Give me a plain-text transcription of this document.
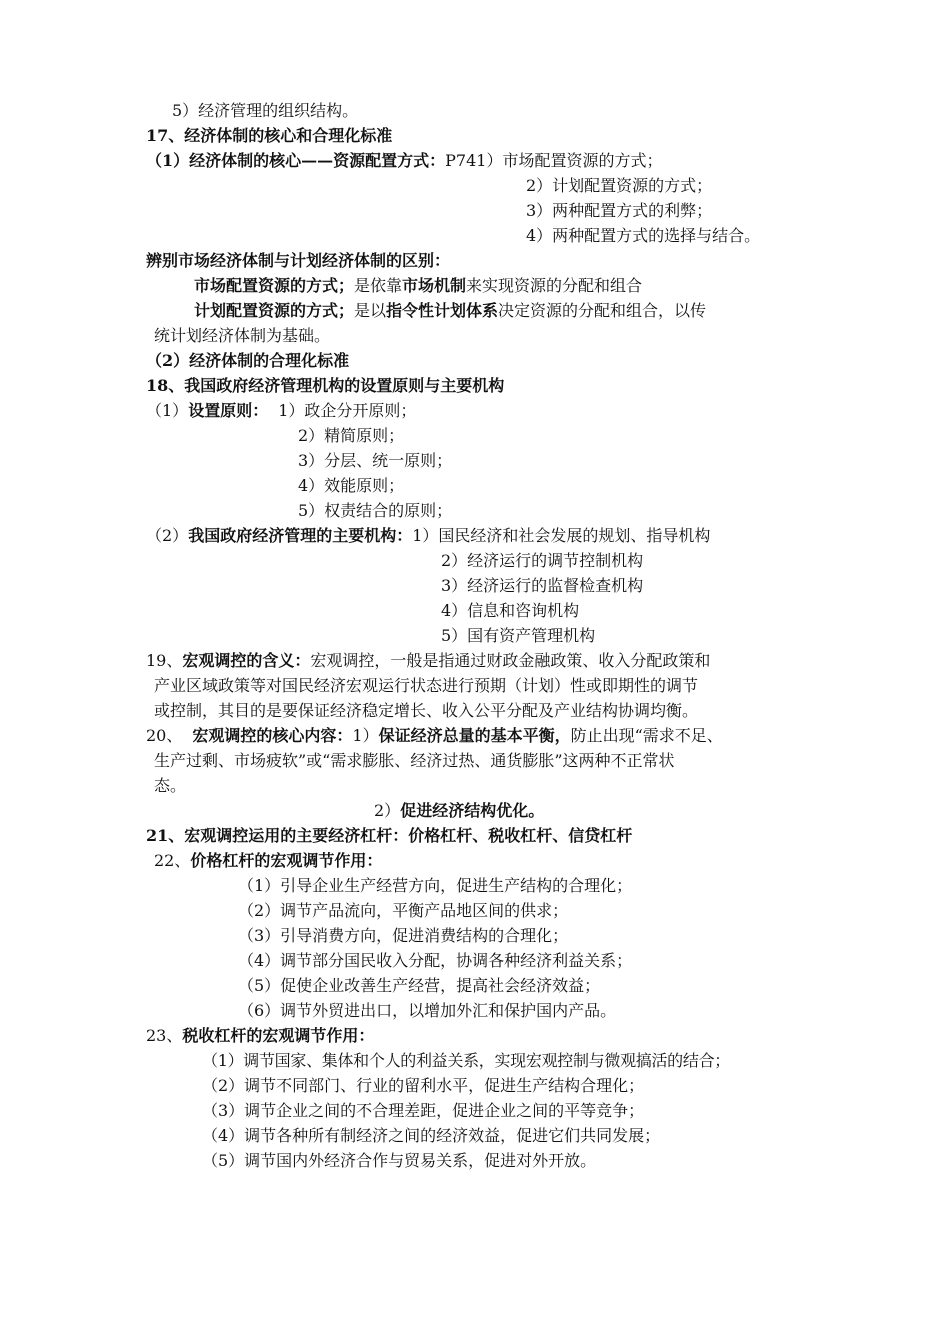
5）经济管理的组织结构。
17、经济体制的核心和合理化标准
（1）经济体制的核心——资源配置方式：P741）市场配置资源的方式；
2）计划配置资源的方式；
3）两种配置方式的利弊；
4）两种配置方式的选择与结合。
辨别市场经济体制与计划经济体制的区别：
市场配置资源的方式；是依靠市场机制来实现资源的分配和组合
计划配置资源的方式；是以指令性计划体系决定资源的分配和组合，以传
统计划经济体制为基础。
（2）经济体制的合理化标准
18、我国政府经济管理机构的设置原则与主要机构
（1）设置原则： 1）政企分开原则；
2）精简原则；
3）分层、统一原则；
4）效能原则；
5）权责结合的原则；
（2）我国政府经济管理的主要机构：1）国民经济和社会发展的规划、指导机构
2）经济运行的调节控制机构
3）经济运行的监督检查机构
4）信息和咨询机构
5）国有资产管理机构
19、宏观调控的含义：宏观调控，一般是指通过财政金融政策、收入分配政策和
产业区域政策等对国民经济宏观运行状态进行预期（计划）性或即期性的调节
或控制，其目的是要保证经济稳定增长、收入公平分配及产业结构协调均衡。
20、 宏观调控的核心内容：1）保证经济总量的基本平衡，防止出现“需求不足、
生产过剩、市场疲软”或“需求膨胀、经济过热、通货膨胀”这两种不正常状
态。
2）促进经济结构优化。
21、宏观调控运用的主要经济杠杆：价格杠杆、税收杠杆、信贷杠杆
22、价格杠杆的宏观调节作用：
（1）引导企业生产经营方向，促进生产结构的合理化；
（2）调节产品流向，平衡产品地区间的供求；
（3）引导消费方向，促进消费结构的合理化；
（4）调节部分国民收入分配，协调各种经济利益关系；
（5）促使企业改善生产经营，提高社会经济效益；
（6）调节外贸进出口，以增加外汇和保护国内产品。
23、税收杠杆的宏观调节作用：
（1）调节国家、集体和个人的利益关系，实现宏观控制与微观搞活的结合；
（2）调节不同部门、行业的留利水平，促进生产结构合理化；
（3）调节企业之间的不合理差距，促进企业之间的平等竞争；
（4）调节各种所有制经济之间的经济效益，促进它们共同发展；
（5）调节国内外经济合作与贸易关系，促进对外开放。
